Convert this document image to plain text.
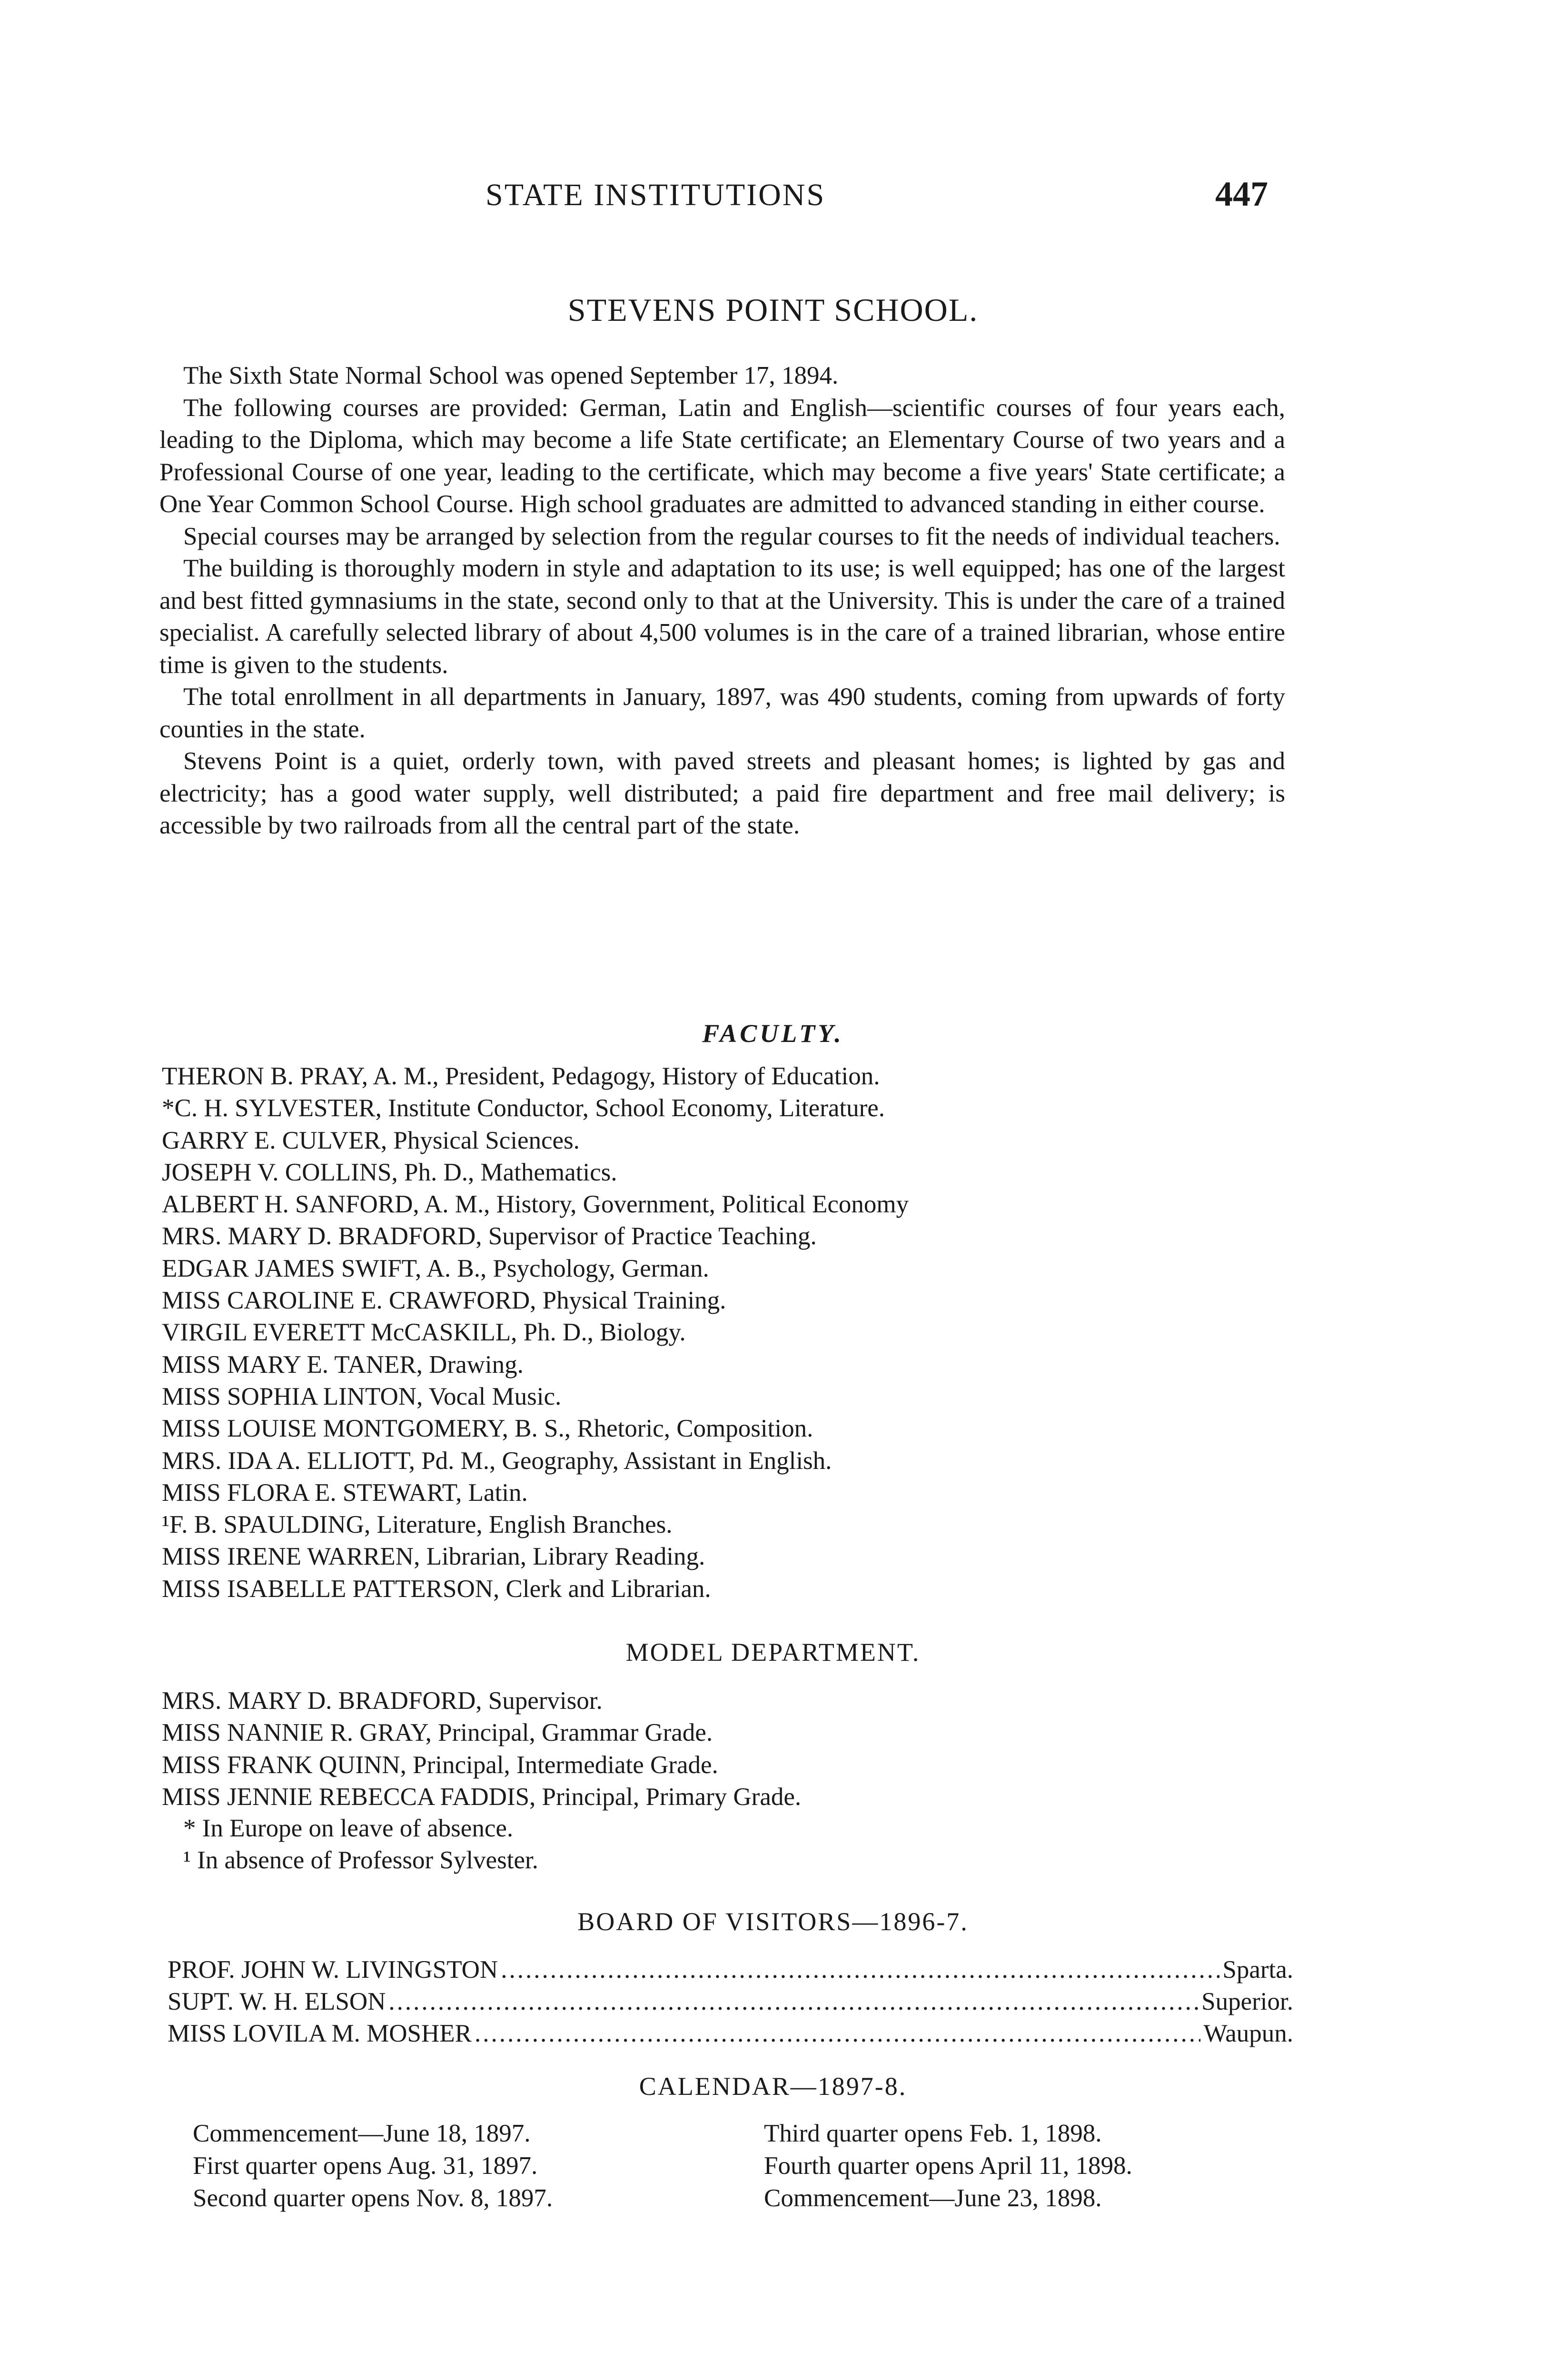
STATE INSTITUTIONS	447
STEVENS POINT SCHOOL.

The Sixth State Normal School was opened September 17, 1894.

The following courses are provided: German, Latin and English—scientific courses of four years each, leading to the Diploma, which may become a life State certificate; an Elementary Course of two years and a Professional Course of one year, leading to the certificate, which may become a five years' State certificate; a One Year Common School Course. High school graduates are admitted to advanced standing in either course.

Special courses may be arranged by selection from the regular courses to fit the needs of individual teachers.

The building is thoroughly modern in style and adaptation to its use; is well equipped; has one of the largest and best fitted gymnasiums in the state, second only to that at the University. This is under the care of a trained specialist. A carefully selected library of about 4,500 volumes is in the care of a trained librarian, whose entire time is given to the students.

The total enrollment in all departments in January, 1897, was 490 students, coming from upwards of forty counties in the state.

Stevens Point is a quiet, orderly town, with paved streets and pleasant homes; is lighted by gas and electricity; has a good water supply, well distributed; a paid fire department and free mail delivery; is accessible by two railroads from all the central part of the state.

FACULTY.
THERON B. PRAY, A. M., President, Pedagogy, History of Education.
*C. H. SYLVESTER, Institute Conductor, School Economy, Literature.
GARRY E. CULVER, Physical Sciences.
JOSEPH V. COLLINS, Ph. D., Mathematics.
ALBERT H. SANFORD, A. M., History, Government, Political Economy
MRS. MARY D. BRADFORD, Supervisor of Practice Teaching.
EDGAR JAMES SWIFT, A. B., Psychology, German.
MISS CAROLINE E. CRAWFORD, Physical Training.
VIRGIL EVERETT McCASKILL, Ph. D., Biology.
MISS MARY E. TANER, Drawing.
MISS SOPHIA LINTON, Vocal Music.
MISS LOUISE MONTGOMERY, B. S., Rhetoric, Composition.
MRS. IDA A. ELLIOTT, Pd. M., Geography, Assistant in English.
MISS FLORA E. STEWART, Latin.
¹F. B. SPAULDING, Literature, English Branches.
MISS IRENE WARREN, Librarian, Library Reading.
MISS ISABELLE PATTERSON, Clerk and Librarian.
MODEL DEPARTMENT.
MRS. MARY D. BRADFORD, Supervisor.
MISS NANNIE R. GRAY, Principal, Grammar Grade.
MISS FRANK QUINN, Principal, Intermediate Grade.
MISS JENNIE REBECCA FADDIS, Principal, Primary Grade.
* In Europe on leave of absence.
¹ In absence of Professor Sylvester.
BOARD OF VISITORS—1896-7.
PROF. JOHN W. LIVINGSTON .....	Sparta.
SUPT. W. H. ELSON .....	Superior.
MISS LOVILA M. MOSHER .....	Waupun.
CALENDAR—1897-8.
Commencement—June 18, 1897.
First quarter opens Aug. 31, 1897.
Second quarter opens Nov. 8, 1897.
Third quarter opens Feb. 1, 1898.
Fourth quarter opens April 11, 1898.
Commencement—June 23, 1898.
